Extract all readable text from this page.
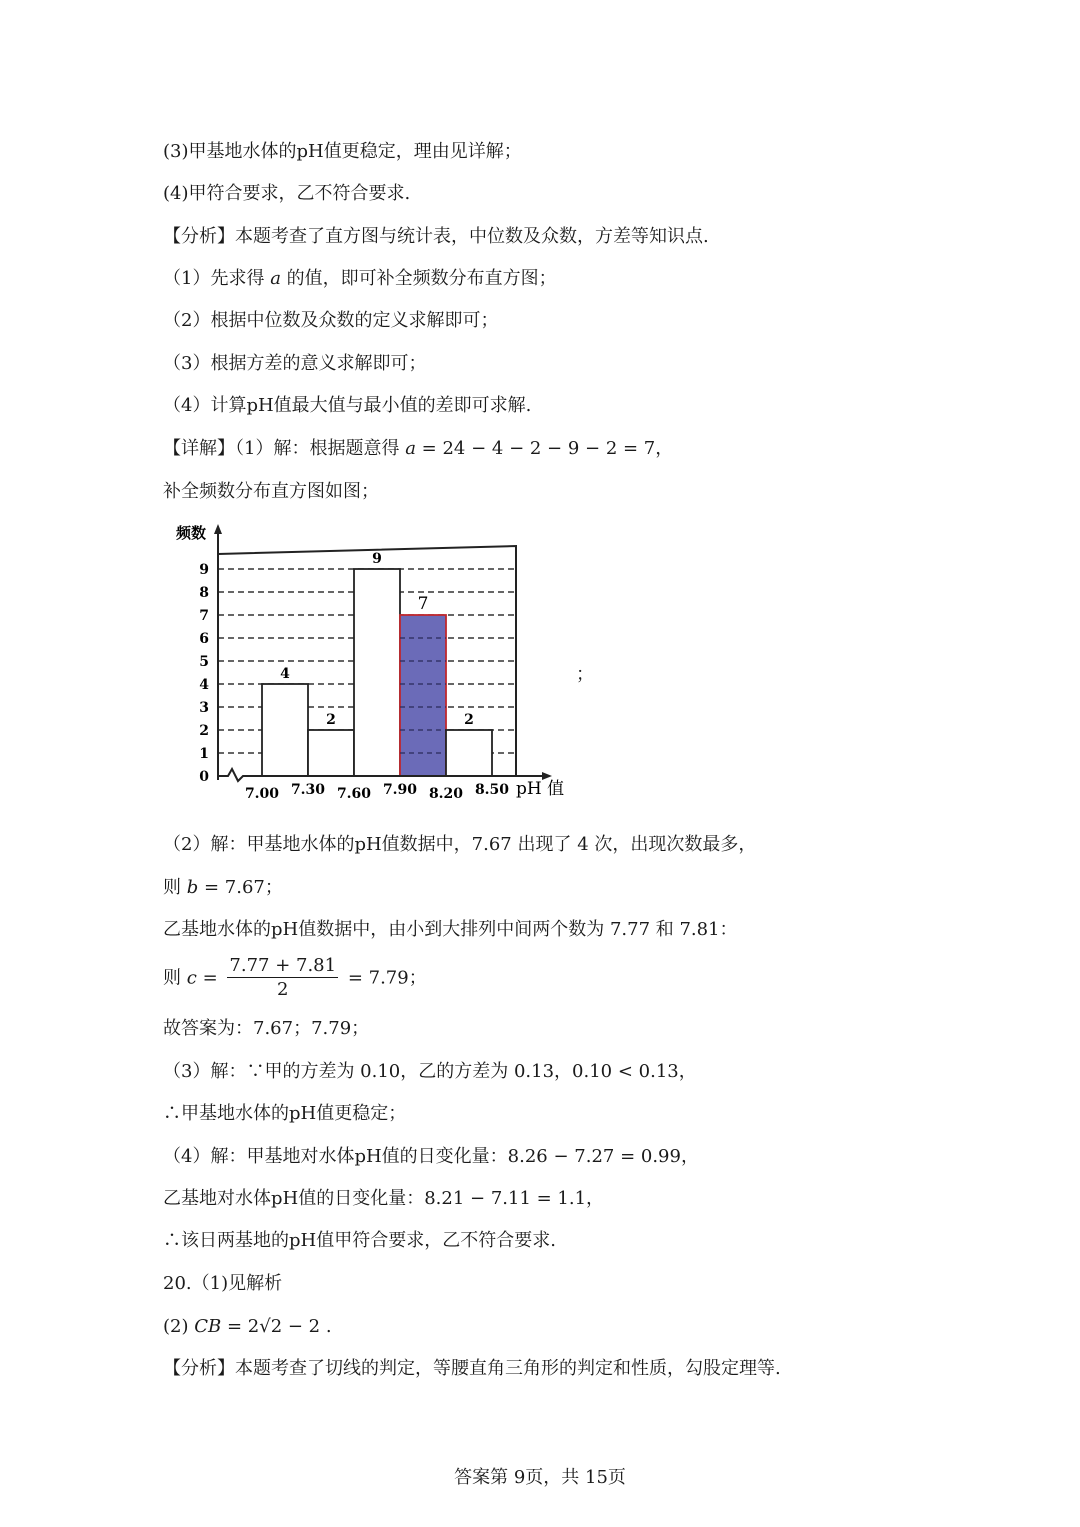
(3)甲基地水体的pH值更稳定，理由见详解；
(4)甲符合要求，乙不符合要求.
【分析】本题考查了直方图与统计表，中位数及众数，方差等知识点.
（1）先求得 a 的值，即可补全频数分布直方图；
（2）根据中位数及众数的定义求解即可；
（3）根据方差的意义求解即可；
（4）计算pH值最大值与最小值的差即可求解.
【详解】（1）解：根据题意得 a = 24 − 4 − 2 − 9 − 2 = 7，
补全频数分布直方图如图；
4
2
9
7
2
0
1
2
3
4
5
6
7
8
9
7.00 7.30 7.60 7.90 8.20 8.50
频数
pH 值
；
（2）解：甲基地水体的pH值数据中，7.67 出现了 4 次，出现次数最多，
则 b = 7.67；
乙基地水体的pH值数据中，由小到大排列中间两个数为 7.77 和 7.81：
则 $c = \frac{7.77 + 7.81}{2} = 7.79$；
故答案为：7.67；7.79；
（3）解：∵甲的方差为 0.10，乙的方差为 0.13，0.10 < 0.13，
∴甲基地水体的pH值更稳定；
（4）解：甲基地对水体pH值的日变化量：8.26 − 7.27 = 0.99，
乙基地对水体pH值的日变化量：8.21 − 7.11 = 1.1，
∴该日两基地的pH值甲符合要求，乙不符合要求.
20.（1)见解析
(2) CB = 2√2 − 2 .
【分析】本题考查了切线的判定，等腰直角三角形的判定和性质，勾股定理等.
答案第 9页，共 15页
